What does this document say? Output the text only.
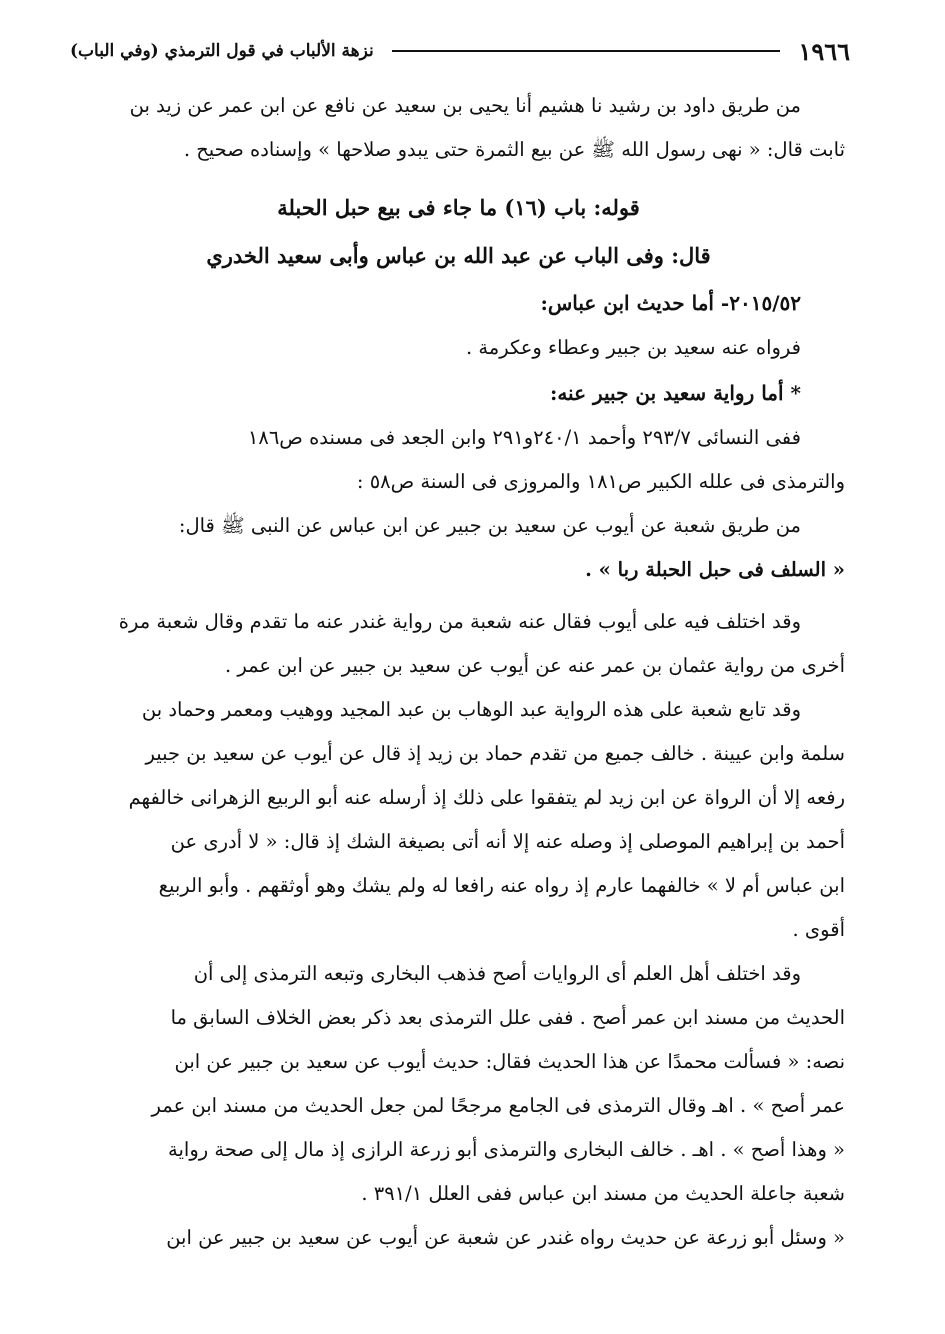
١٩٦٦
نزهة الألباب في قول الترمذي (وفي الباب)
من طريق داود بن رشيد نا هشيم أنا يحيى بن سعيد عن نافع عن ابن عمر عن زيد بن
ثابت قال: « نهى رسول الله ﷺ عن بيع الثمرة حتى يبدو صلاحها » وإسناده صحيح .
قوله: باب (١٦) ما جاء فى بيع حبل الحبلة
قال: وفى الباب عن عبد الله بن عباس وأبى سعيد الخدري
٢٠١٥/٥٢- أما حديث ابن عباس:
فرواه عنه سعيد بن جبير وعطاء وعكرمة .
* أما رواية سعيد بن جبير عنه:
ففى النسائى ٢٩٣/٧ وأحمد ٢٤٠/١و٢٩١ وابن الجعد فى مسنده ص١٨٦
والترمذى فى علله الكبير ص١٨١ والمروزى فى السنة ص٥٨ :
من طريق شعبة عن أيوب عن سعيد بن جبير عن ابن عباس عن النبى ﷺ قال:
« السلف فى حبل الحبلة ربا » .
وقد اختلف فيه على أيوب فقال عنه شعبة من رواية غندر عنه ما تقدم وقال شعبة مرة
أخرى من رواية عثمان بن عمر عنه عن أيوب عن سعيد بن جبير عن ابن عمر .
وقد تابع شعبة على هذه الرواية عبد الوهاب بن عبد المجيد ووهيب ومعمر وحماد بن
سلمة وابن عيينة . خالف جميع من تقدم حماد بن زيد إذ قال عن أيوب عن سعيد بن جبير
رفعه إلا أن الرواة عن ابن زيد لم يتفقوا على ذلك إذ أرسله عنه أبو الربيع الزهرانى خالفهم
أحمد بن إبراهيم الموصلى إذ وصله عنه إلا أنه أتى بصيغة الشك إذ قال: « لا أدرى عن
ابن عباس أم لا » خالفهما عارم إذ رواه عنه رافعا له ولم يشك وهو أوثقهم . وأبو الربيع
أقوى .
وقد اختلف أهل العلم أى الروايات أصح فذهب البخارى وتبعه الترمذى إلى أن
الحديث من مسند ابن عمر أصح . ففى علل الترمذى بعد ذكر بعض الخلاف السابق ما
نصه: « فسألت محمدًا عن هذا الحديث فقال: حديث أيوب عن سعيد بن جبير عن ابن
عمر أصح » . اهـ وقال الترمذى فى الجامع مرجحًا لمن جعل الحديث من مسند ابن عمر
« وهذا أصح » . اهـ . خالف البخارى والترمذى أبو زرعة الرازى إذ مال إلى صحة رواية
شعبة جاعلة الحديث من مسند ابن عباس ففى العلل ٣٩١/١ .
« وسئل أبو زرعة عن حديث رواه غندر عن شعبة عن أيوب عن سعيد بن جبير عن ابن
